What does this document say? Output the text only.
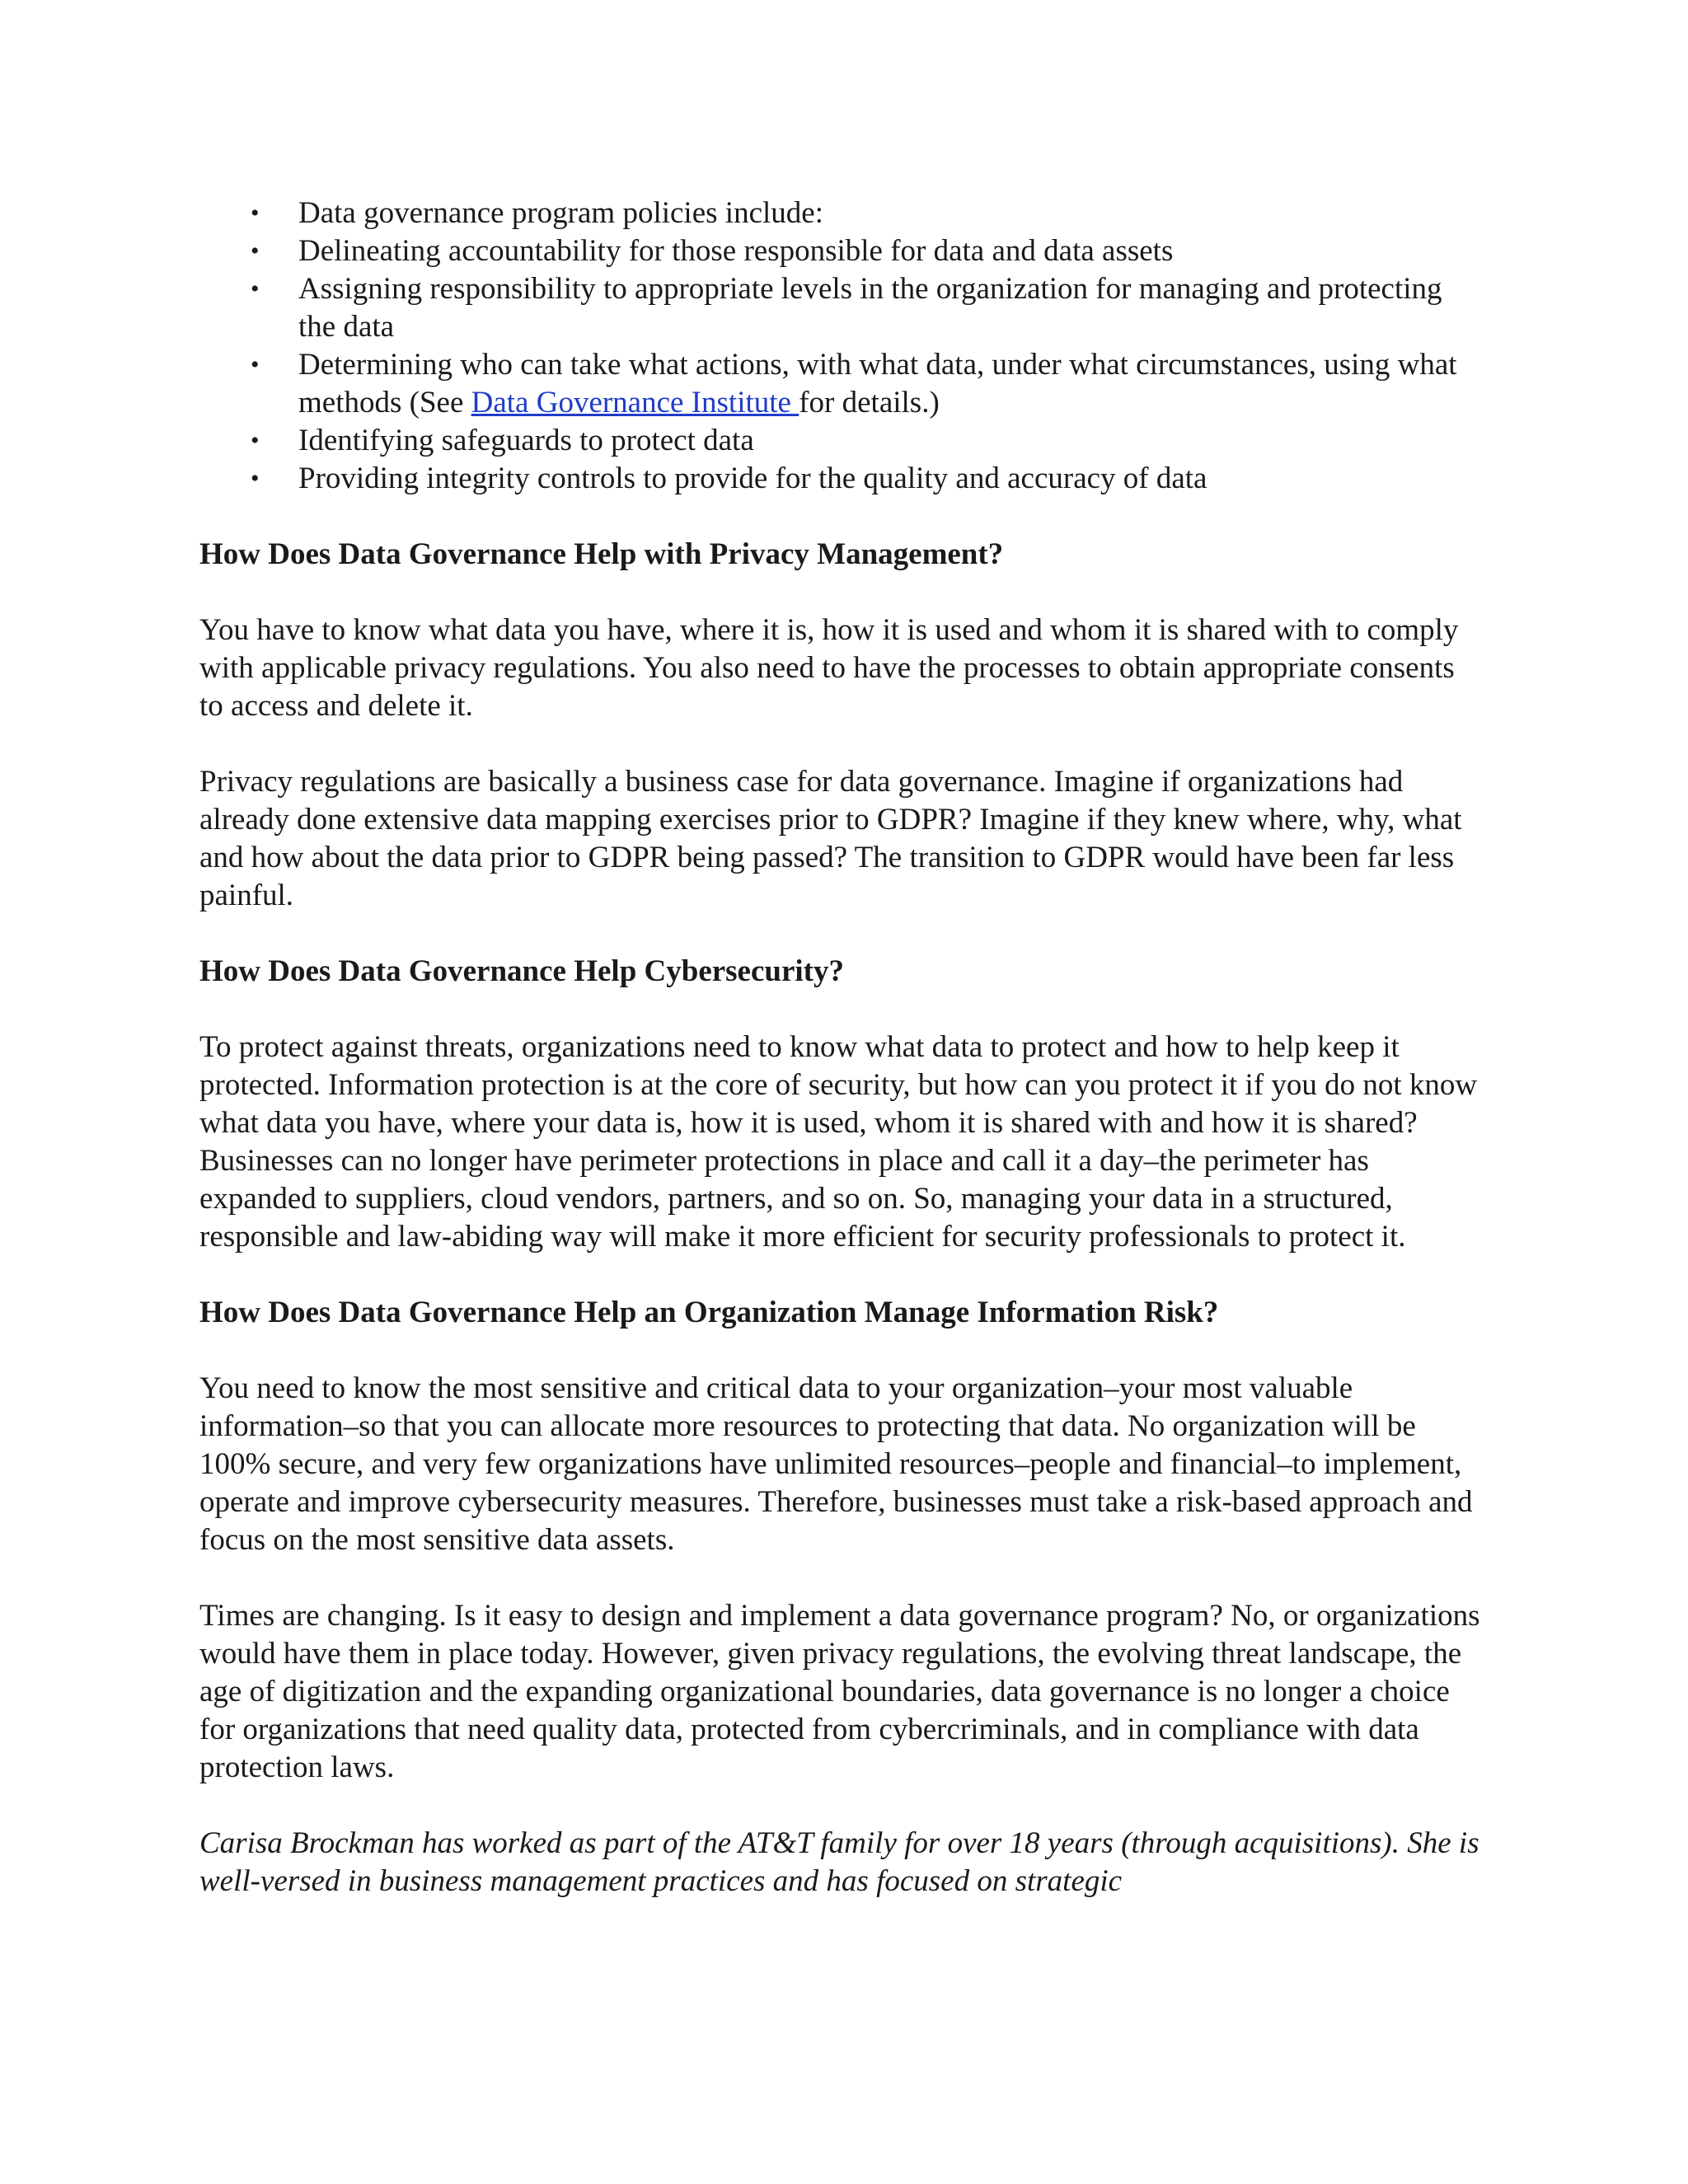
• Data governance program policies include:
• Delineating accountability for those responsible for data and data assets
• Assigning responsibility to appropriate levels in the organization for managing and protecting the data
• Determining who can take what actions, with what data, under what circumstances, using what methods (See Data Governance Institute for details.)
• Identifying safeguards to protect data
• Providing integrity controls to provide for the quality and accuracy of data
How Does Data Governance Help with Privacy Management?

You have to know what data you have, where it is, how it is used and whom it is shared with to comply with applicable privacy regulations. You also need to have the processes to obtain appropriate consents to access and delete it.

Privacy regulations are basically a business case for data governance. Imagine if organizations had already done extensive data mapping exercises prior to GDPR? Imagine if they knew where, why, what and how about the data prior to GDPR being passed? The transition to GDPR would have been far less painful.

How Does Data Governance Help Cybersecurity?

To protect against threats, organizations need to know what data to protect and how to help keep it protected. Information protection is at the core of security, but how can you protect it if you do not know what data you have, where your data is, how it is used, whom it is shared with and how it is shared? Businesses can no longer have perimeter protections in place and call it a day–the perimeter has expanded to suppliers, cloud vendors, partners, and so on. So, managing your data in a structured, responsible and law-abiding way will make it more efficient for security professionals to protect it.

How Does Data Governance Help an Organization Manage Information Risk?

You need to know the most sensitive and critical data to your organization–your most valuable information–so that you can allocate more resources to protecting that data. No organization will be 100% secure, and very few organizations have unlimited resources–people and financial–to implement, operate and improve cybersecurity measures. Therefore, businesses must take a risk-based approach and focus on the most sensitive data assets.

Times are changing. Is it easy to design and implement a data governance program? No, or organizations would have them in place today. However, given privacy regulations, the evolving threat landscape, the age of digitization and the expanding organizational boundaries, data governance is no longer a choice for organizations that need quality data, protected from cybercriminals, and in compliance with data protection laws.

Carisa Brockman has worked as part of the AT&T family for over 18 years (through acquisitions). She is well-versed in business management practices and has focused on strategic
